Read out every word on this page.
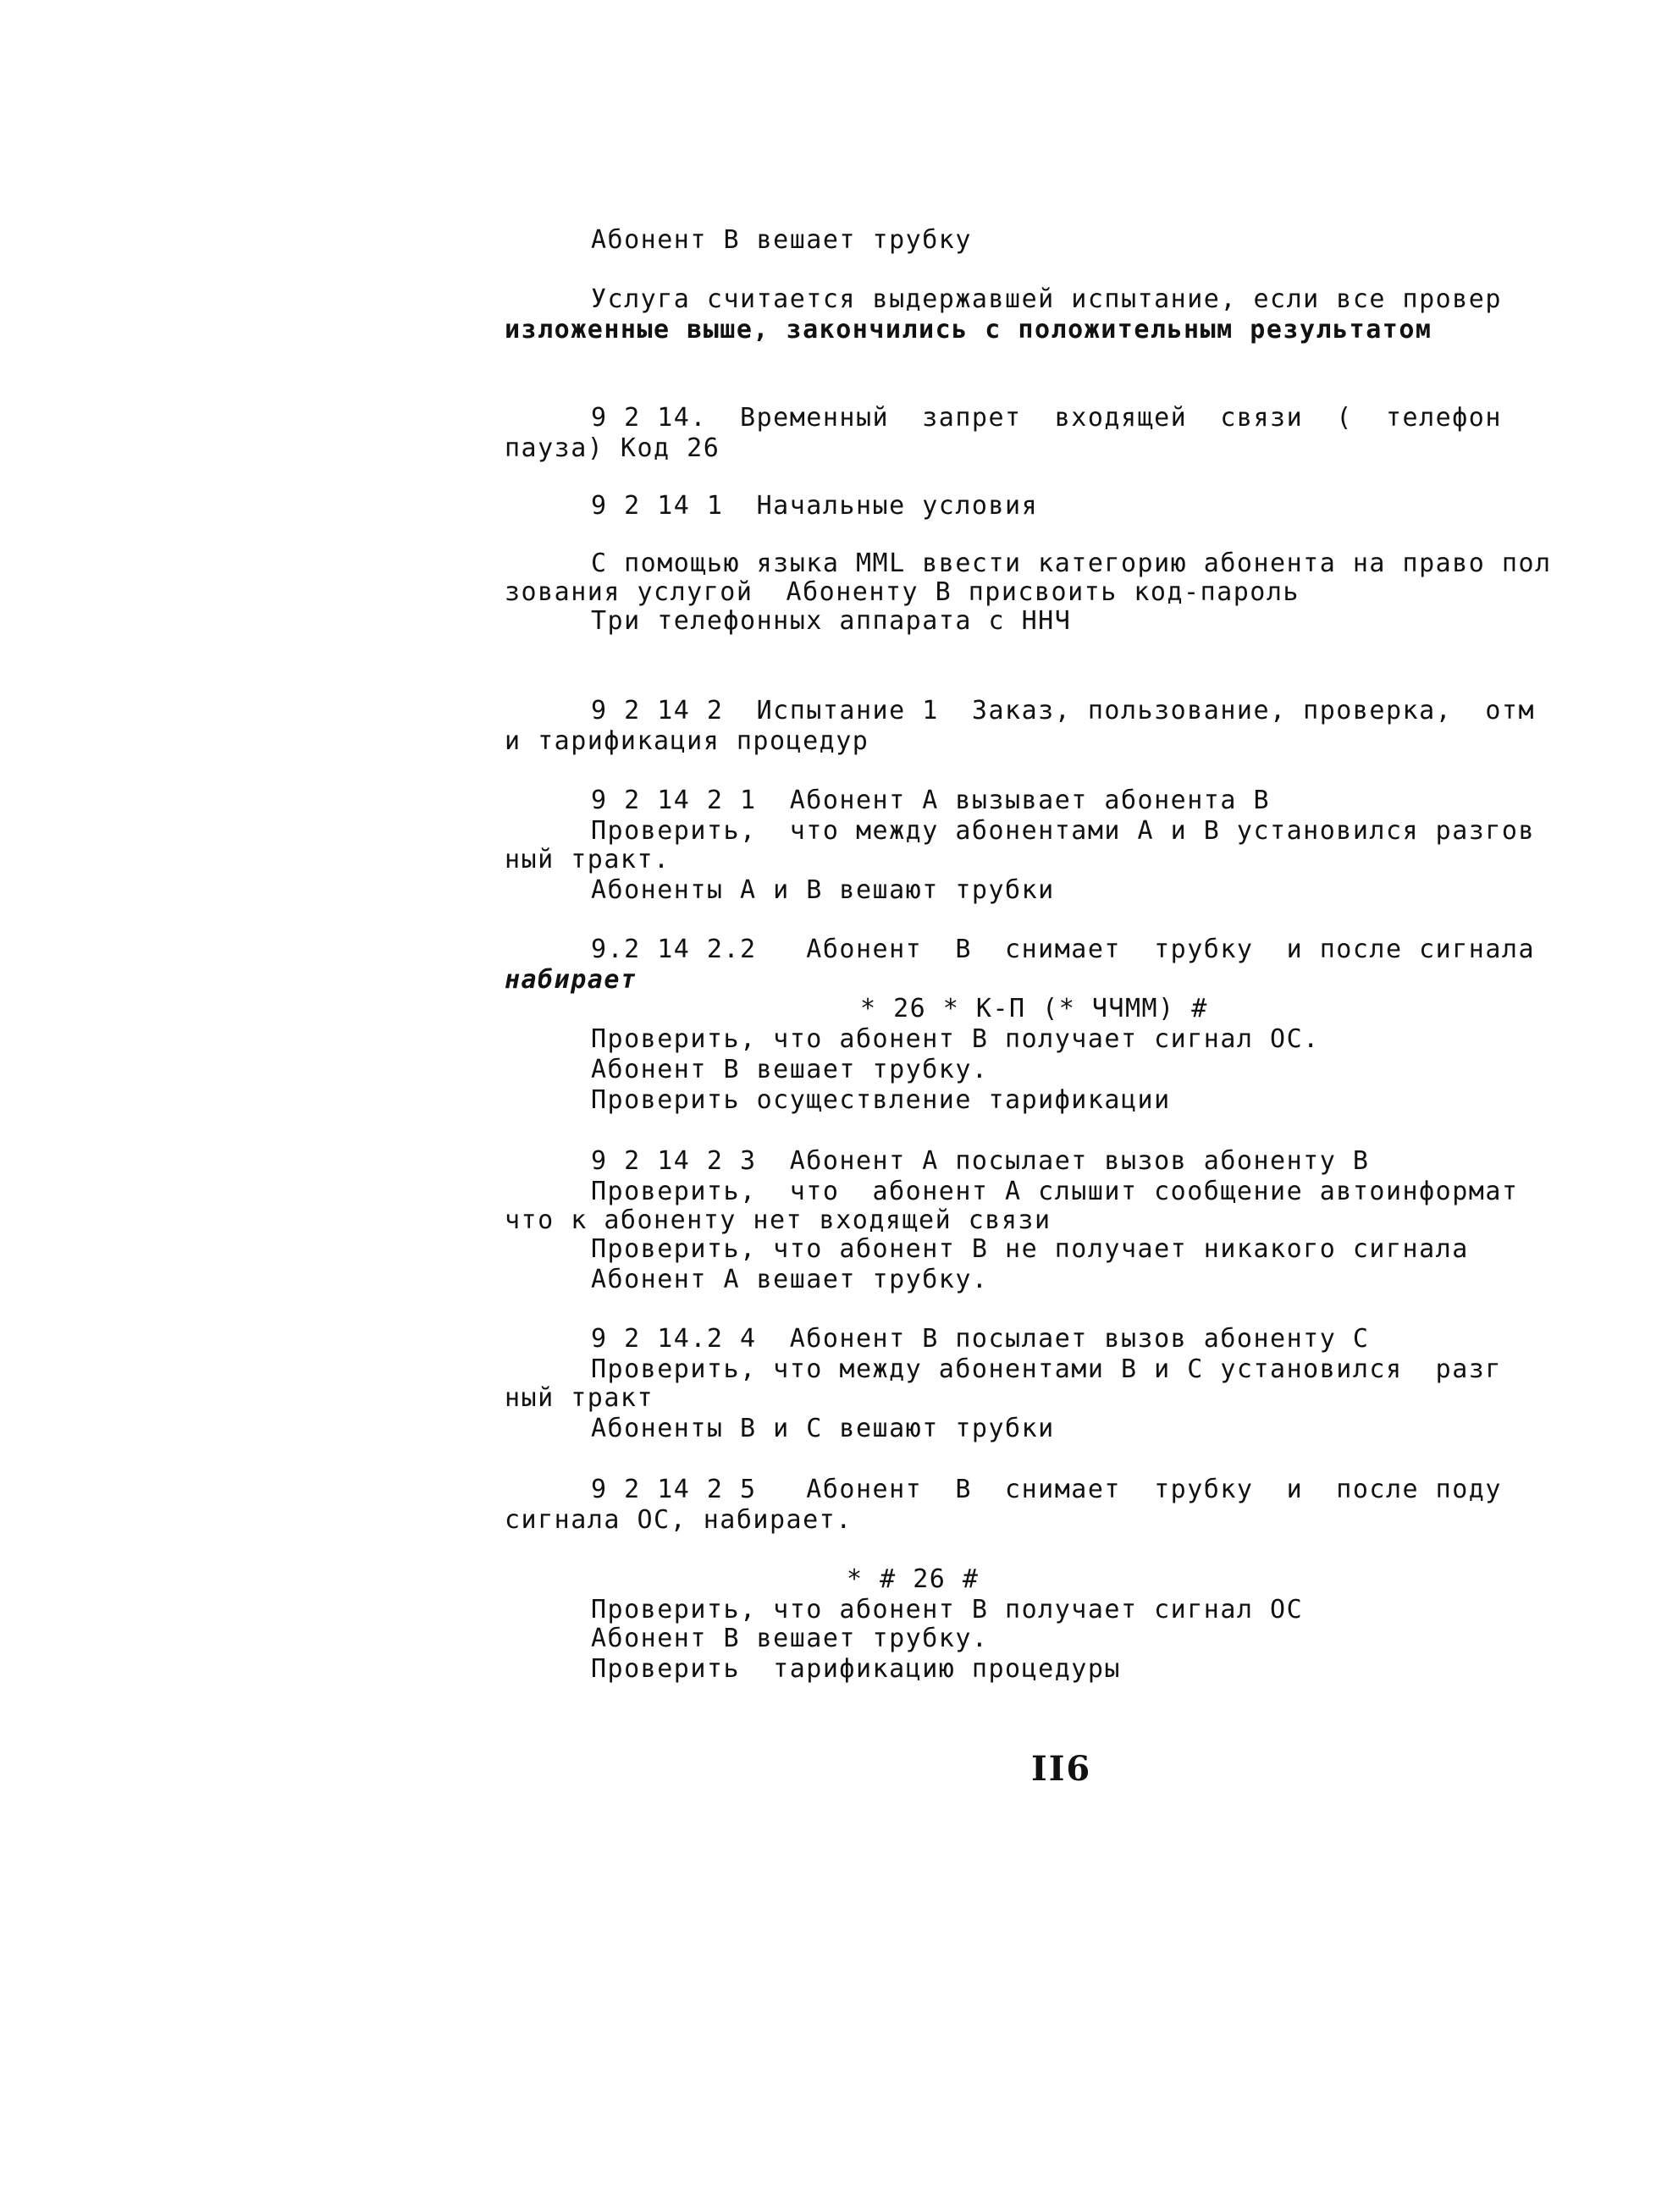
Абонент В вешает трубку
Услуга считается выдержавшей испытание, если все провер
изложенные выше, закончились с положительным результатом
9 2 14.  Временный  запрет  входящей  связи  (  телефон
пауза) Код 26
9 2 14 1  Начальные условия
С помощью языка MML ввести категорию абонента на право пол
зования услугой  Абоненту В присвоить код-пароль
Три телефонных аппарата с ННЧ
9 2 14 2  Испытание 1  Заказ, пользование, проверка,  отм
и тарификация процедур
9 2 14 2 1  Абонент А вызывает абонента В
Проверить,  что между абонентами А и В установился разгов
ный тракт.
Абоненты А и В вешают трубки
9.2 14 2.2   Абонент  В  снимает  трубку  и после сигнала
набирает
* 26 * К-П (* ЧЧММ) #
Проверить, что абонент В получает сигнал ОС.
Абонент В вешает трубку.
Проверить осуществление тарификации
9 2 14 2 3  Абонент А посылает вызов абоненту В
Проверить,  что  абонент А слышит сообщение автоинформат
что к абоненту нет входящей связи
Проверить, что абонент В не получает никакого сигнала
Абонент А вешает трубку.
9 2 14.2 4  Абонент В посылает вызов абоненту С
Проверить, что между абонентами В и С установился  разг
ный тракт
Абоненты В и С вешают трубки
9 2 14 2 5   Абонент  В  снимает  трубку  и  после поду
сигнала ОС, набирает.
* # 26 #
Проверить, что абонент В получает сигнал ОС
Абонент В вешает трубку.
Проверить  тарификацию процедуры
II6
